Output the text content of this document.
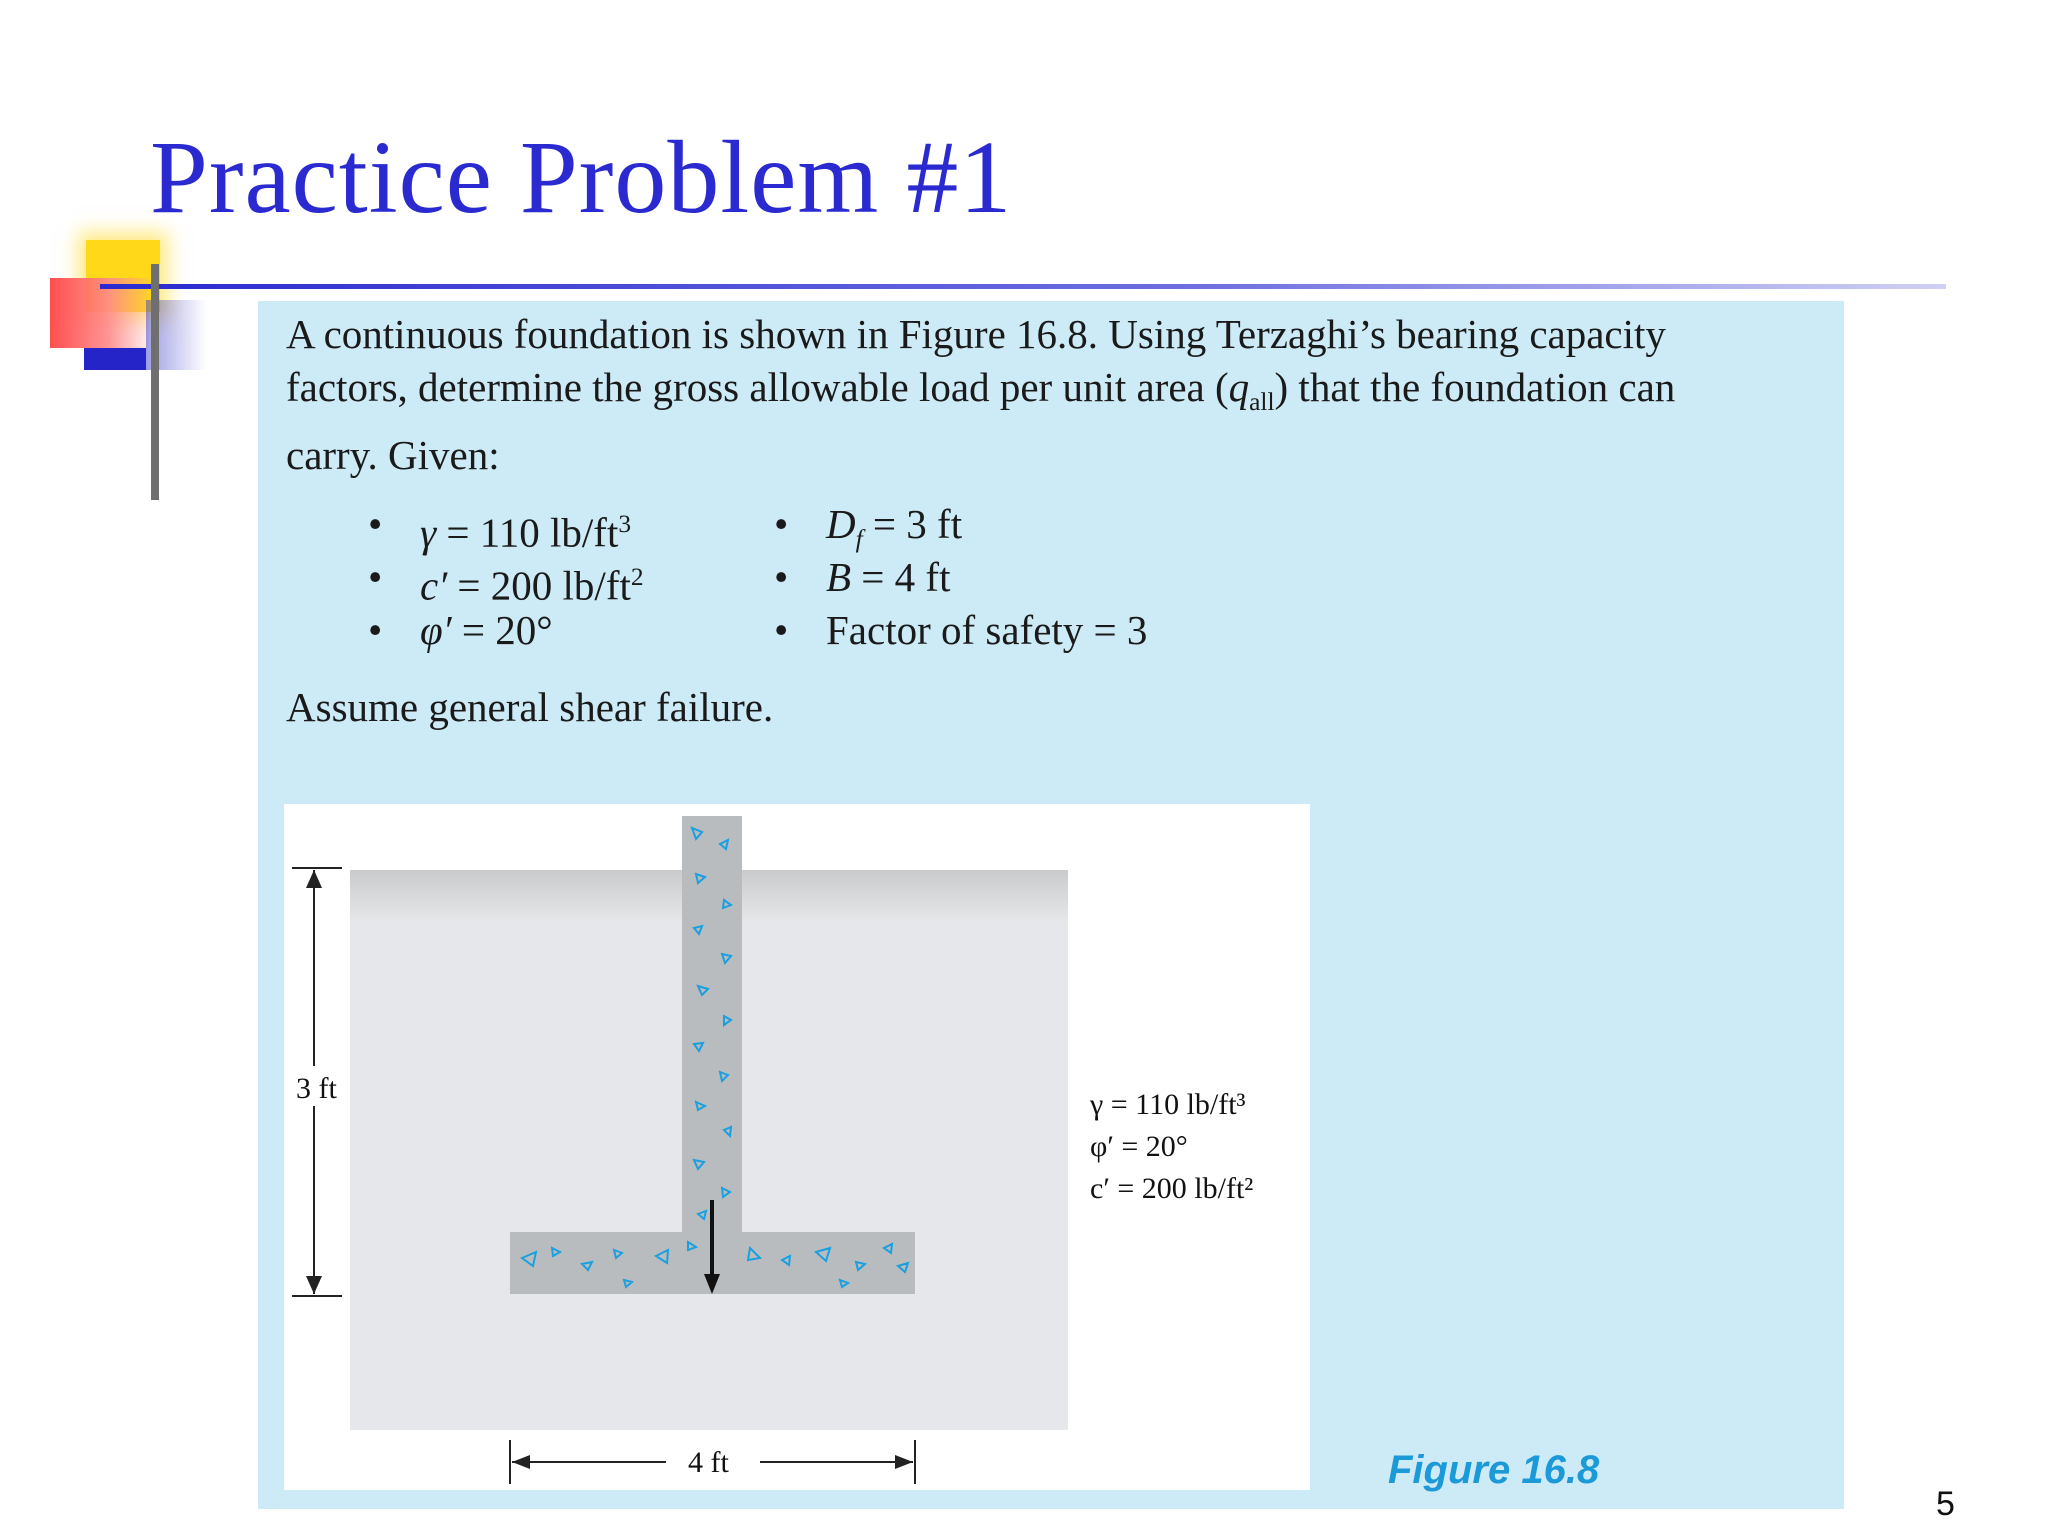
Practice Problem #1
A continuous foundation is shown in Figure 16.8. Using Terzaghi’s bearing capacity
factors, determine the gross allowable load per unit area $(q_{all})$ that the foundation can
carry. Given:
• γ = 110 $lb/ft^3$
• c′ = 200 $lb/ft^2$
• φ′ = 20°
• $D_f = 3$ ft
• B = 4 ft
• Factor of safety = 3
Assume general shear failure.
3 ft
4 ft
γ = 110 lb/ft³
φ′ = 20°
c′ = 200 lb/ft²
Figure 16.8
5
